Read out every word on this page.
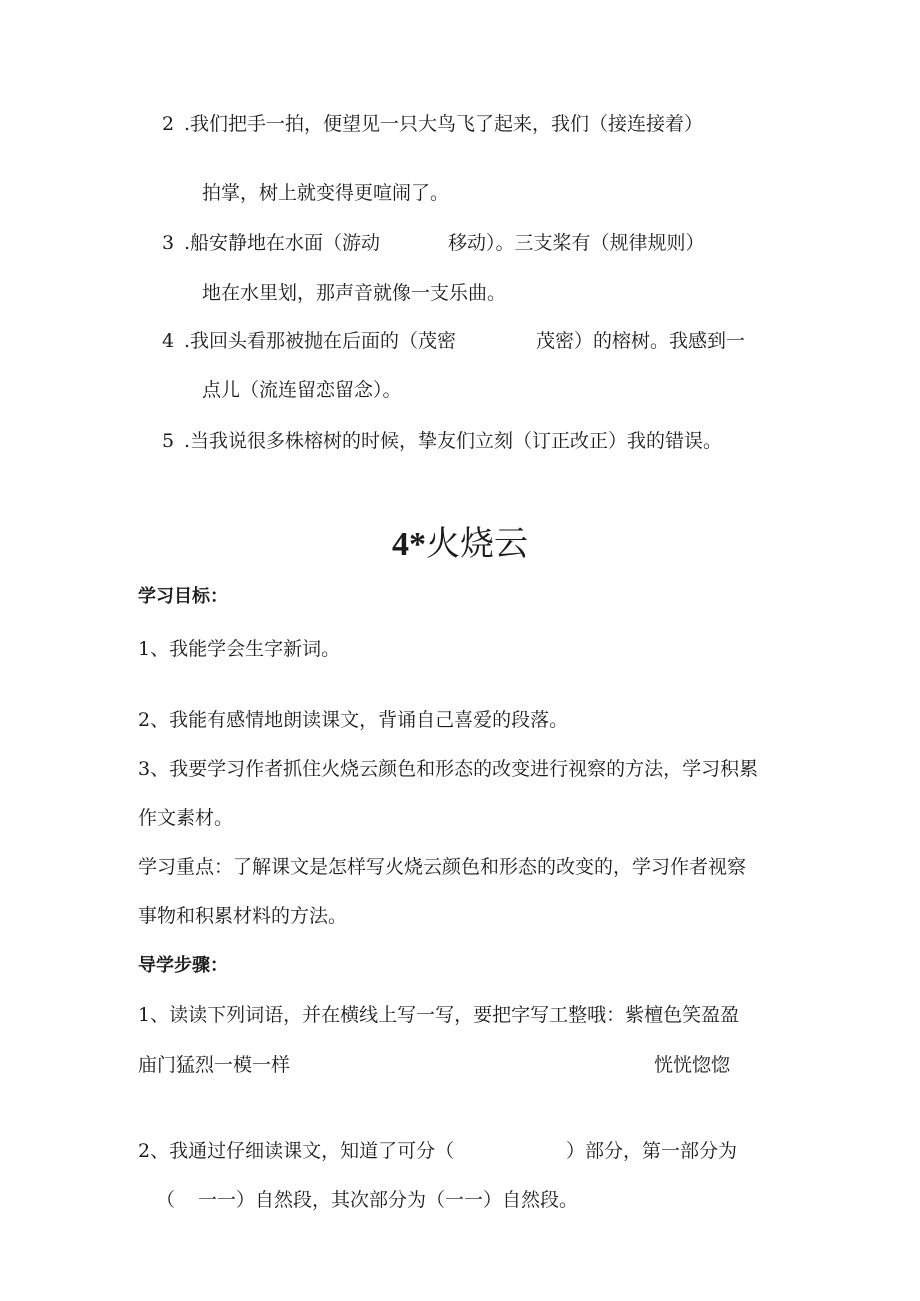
2 .我们把手一拍，便望见一只大鸟飞了起来，我们（接连接着）
拍掌，树上就变得更喧闹了。
3 .船安静地在水面（游动	移动）。三支桨有（规律规则）
地在水里划，那声音就像一支乐曲。
4 .我回头看那被抛在后面的（茂密	茂密）的榕树。我感到一
点儿（流连留恋留念）。
5 .当我说很多株榕树的时候，挚友们立刻（订正改正）我的错误。
4*火烧云
学习目标：
1、我能学会生字新词。
2、我能有感情地朗读课文，背诵自己喜爱的段落。
3、我要学习作者抓住火烧云颜色和形态的改变进行视察的方法，学习积累
作文素材。
学习重点：了解课文是怎样写火烧云颜色和形态的改变的，学习作者视察
事物和积累材料的方法。
导学步骤：
1、读读下列词语，并在横线上写一写，要把字写工整哦：紫檀色笑盈盈
庙门猛烈一模一样	恍恍惚惚
2、我通过仔细读课文，知道了可分（	）部分，第一部分为
（ 一一）自然段，其次部分为（一一）自然段。
